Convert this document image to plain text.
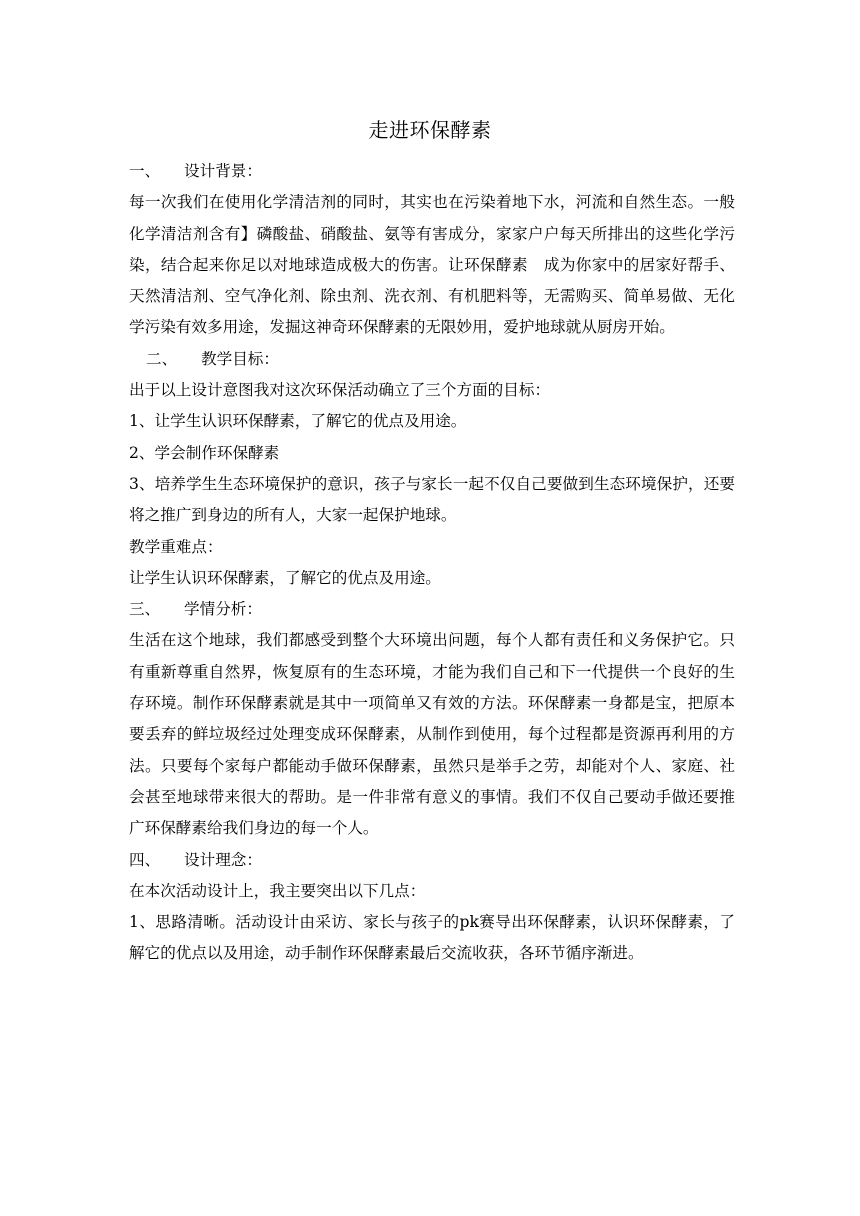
走进环保酵素

一、 设计背景：

每一次我们在使用化学清洁剂的同时，其实也在污染着地下水，河流和自然生态。一般化学清洁剂含有】磷酸盐、硝酸盐、氨等有害成分，家家户户每天所排出的这些化学污染，结合起来你足以对地球造成极大的伤害。让环保酵素　成为你家中的居家好帮手、天然清洁剂、空气净化剂、除虫剂、洗衣剂、有机肥料等，无需购买、简单易做、无化学污染有效多用途，发掘这神奇环保酵素的无限妙用，爱护地球就从厨房开始。

二、 教学目标：

出于以上设计意图我对这次环保活动确立了三个方面的目标：

1、让学生认识环保酵素，了解它的优点及用途。

2、学会制作环保酵素

3、培养学生生态环境保护的意识，孩子与家长一起不仅自己要做到生态环境保护，还要将之推广到身边的所有人，大家一起保护地球。

教学重难点：

让学生认识环保酵素，了解它的优点及用途。

三、 学情分析：

生活在这个地球，我们都感受到整个大环境出问题，每个人都有责任和义务保护它。只有重新尊重自然界，恢复原有的生态环境，才能为我们自己和下一代提供一个良好的生存环境。制作环保酵素就是其中一项简单又有效的方法。环保酵素一身都是宝，把原本要丢弃的鲜垃圾经过处理变成环保酵素，从制作到使用，每个过程都是资源再利用的方法。只要每个家每户都能动手做环保酵素，虽然只是举手之劳，却能对个人、家庭、社会甚至地球带来很大的帮助。是一件非常有意义的事情。我们不仅自己要动手做还要推广环保酵素给我们身边的每一个人。

四、 设计理念：

在本次活动设计上，我主要突出以下几点：

1、思路清晰。活动设计由采访、家长与孩子的pk赛导出环保酵素，认识环保酵素，了解它的优点以及用途，动手制作环保酵素最后交流收获，各环节循序渐进。
